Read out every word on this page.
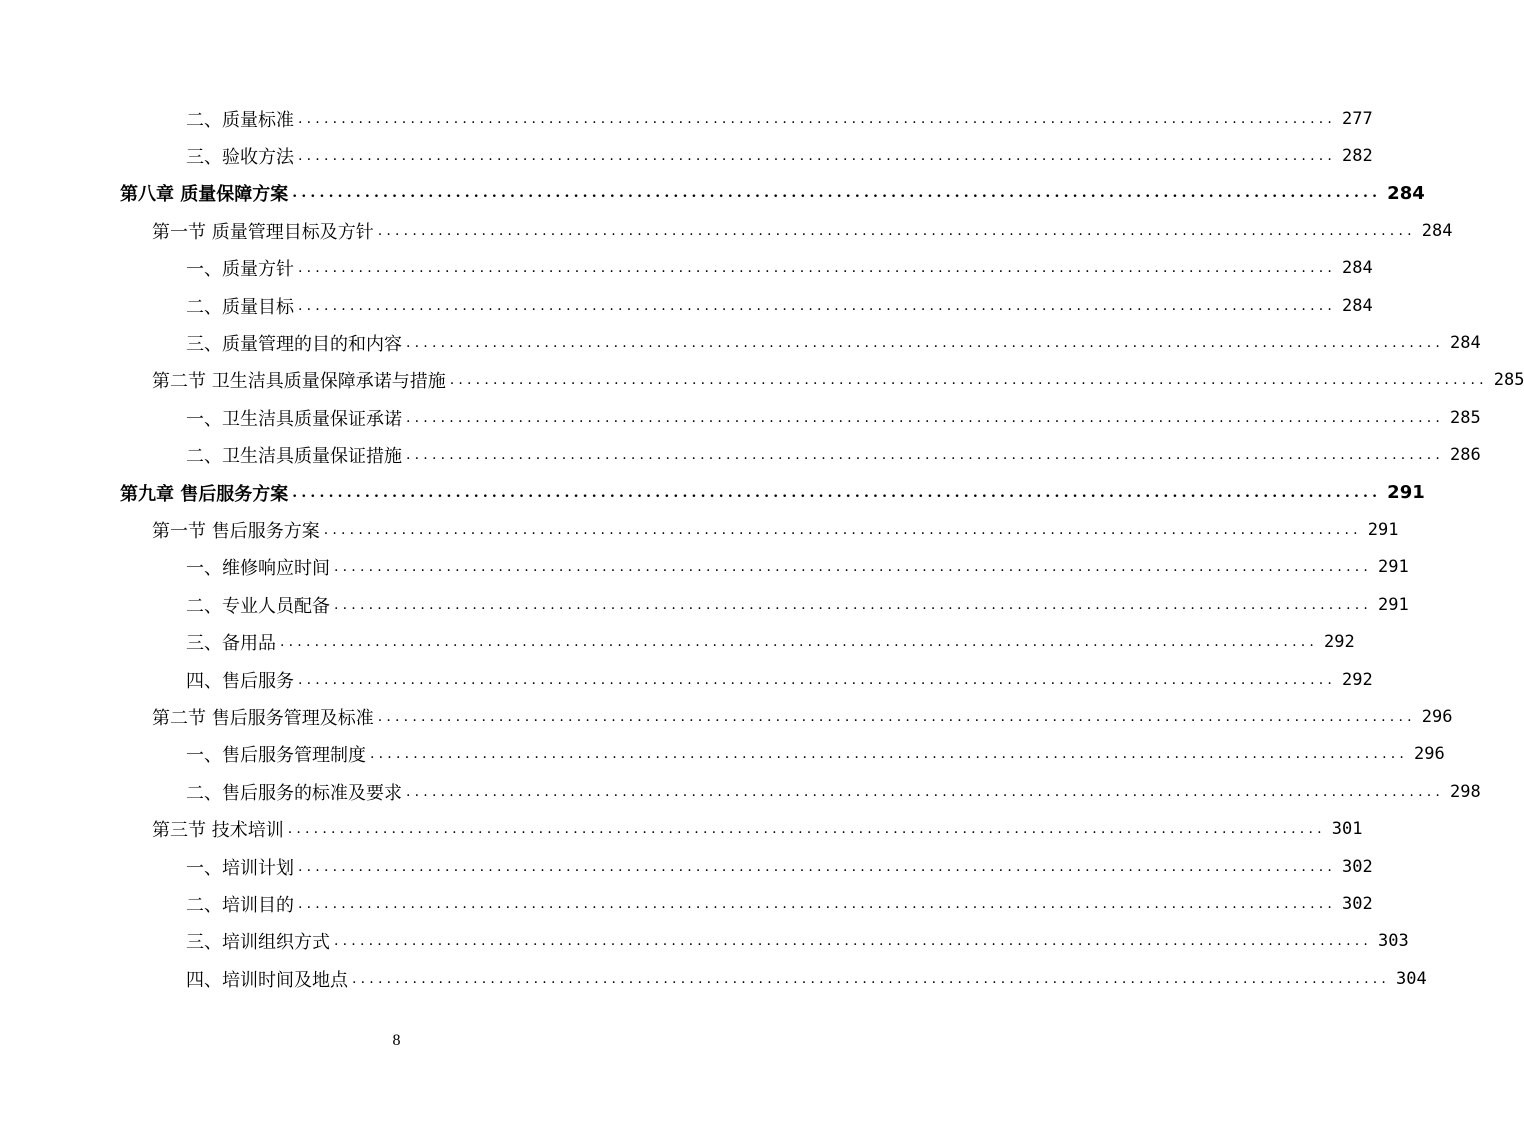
二、质量标准 ........................................................................................................................ 277
三、验收方法 ........................................................................................................................ 282
第八章 质量保障方案 ........................................................................................................................ 284
第一节 质量管理目标及方针 ........................................................................................................................ 284
一、质量方针 ........................................................................................................................ 284
二、质量目标 ........................................................................................................................ 284
三、质量管理的目的和内容 ........................................................................................................................ 284
第二节 卫生洁具质量保障承诺与措施 ........................................................................................................................ 285
一、卫生洁具质量保证承诺 ........................................................................................................................ 285
二、卫生洁具质量保证措施 ........................................................................................................................ 286
第九章 售后服务方案 ........................................................................................................................ 291
第一节 售后服务方案 ........................................................................................................................ 291
一、维修响应时间 ........................................................................................................................ 291
二、专业人员配备 ........................................................................................................................ 291
三、备用品 ........................................................................................................................ 292
四、售后服务 ........................................................................................................................ 292
第二节 售后服务管理及标准 ........................................................................................................................ 296
一、售后服务管理制度 ........................................................................................................................ 296
二、售后服务的标准及要求 ........................................................................................................................ 298
第三节 技术培训 ........................................................................................................................ 301
一、培训计划 ........................................................................................................................ 302
二、培训目的 ........................................................................................................................ 302
三、培训组织方式 ........................................................................................................................ 303
四、培训时间及地点 ........................................................................................................................ 304
8
